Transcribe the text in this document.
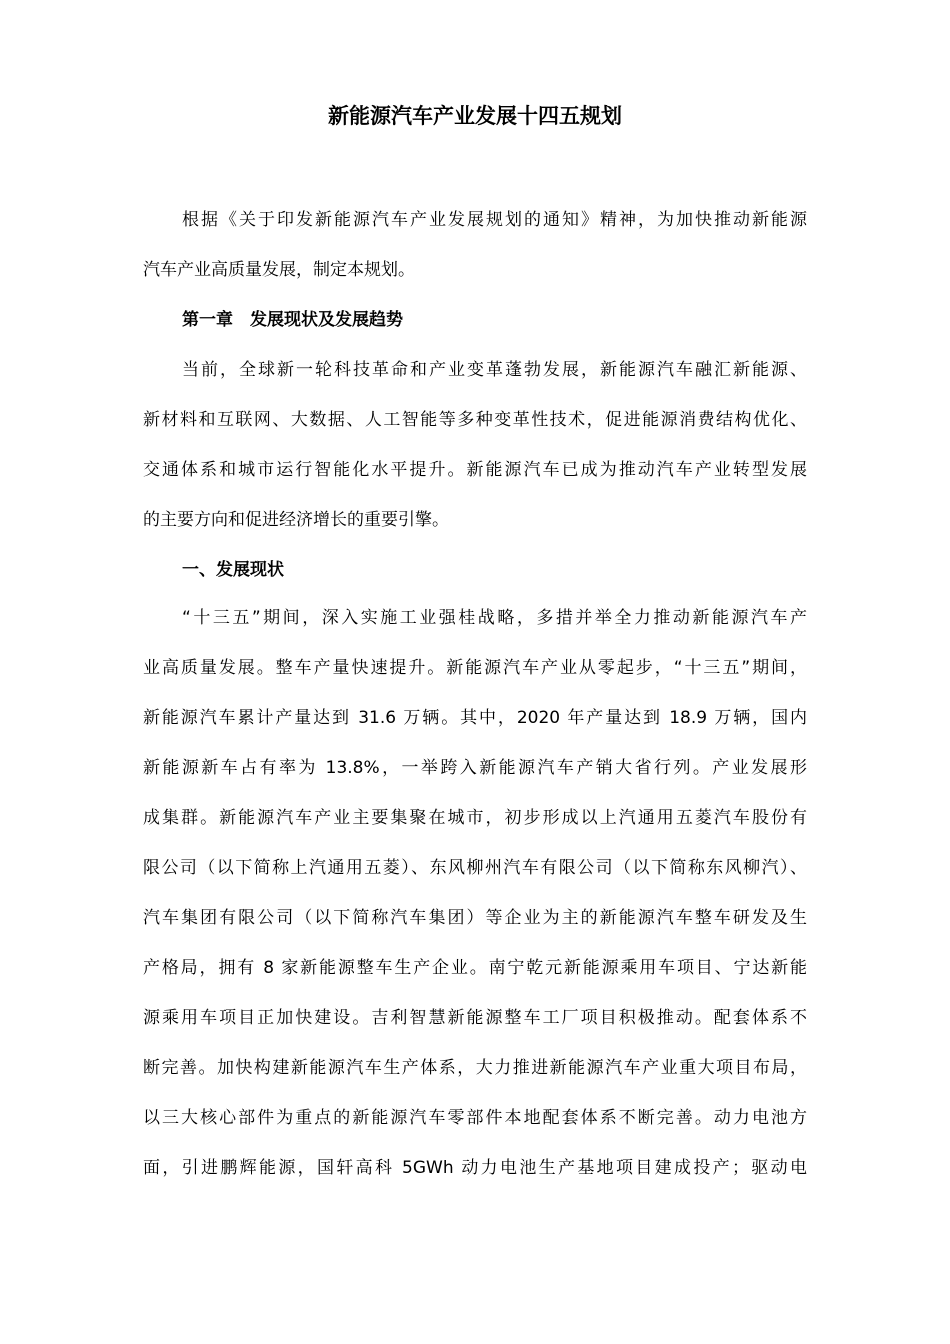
新能源汽车产业发展十四五规划
根据《关于印发新能源汽车产业发展规划的通知》精神，为加快推动新能源
汽车产业高质量发展，制定本规划。
第一章　发展现状及发展趋势
当前，全球新一轮科技革命和产业变革蓬勃发展，新能源汽车融汇新能源、
新材料和互联网、大数据、人工智能等多种变革性技术，促进能源消费结构优化、
交通体系和城市运行智能化水平提升。新能源汽车已成为推动汽车产业转型发展
的主要方向和促进经济增长的重要引擎。
一、发展现状
“十三五”期间，深入实施工业强桂战略，多措并举全力推动新能源汽车产
业高质量发展。整车产量快速提升。新能源汽车产业从零起步，“十三五”期间，
新能源汽车累计产量达到 31.6 万辆。其中，2020 年产量达到 18.9 万辆，国内
新能源新车占有率为 13.8%，一举跨入新能源汽车产销大省行列。产业发展形
成集群。新能源汽车产业主要集聚在城市，初步形成以上汽通用五菱汽车股份有
限公司（以下简称上汽通用五菱）、东风柳州汽车有限公司（以下简称东风柳汽）、
汽车集团有限公司（以下简称汽车集团）等企业为主的新能源汽车整车研发及生
产格局，拥有 8 家新能源整车生产企业。南宁乾元新能源乘用车项目、宁达新能
源乘用车项目正加快建设。吉利智慧新能源整车工厂项目积极推动。配套体系不
断完善。加快构建新能源汽车生产体系，大力推进新能源汽车产业重大项目布局，
以三大核心部件为重点的新能源汽车零部件本地配套体系不断完善。动力电池方
面，引进鹏辉能源，国轩高科 5GWh 动力电池生产基地项目建成投产；驱动电
